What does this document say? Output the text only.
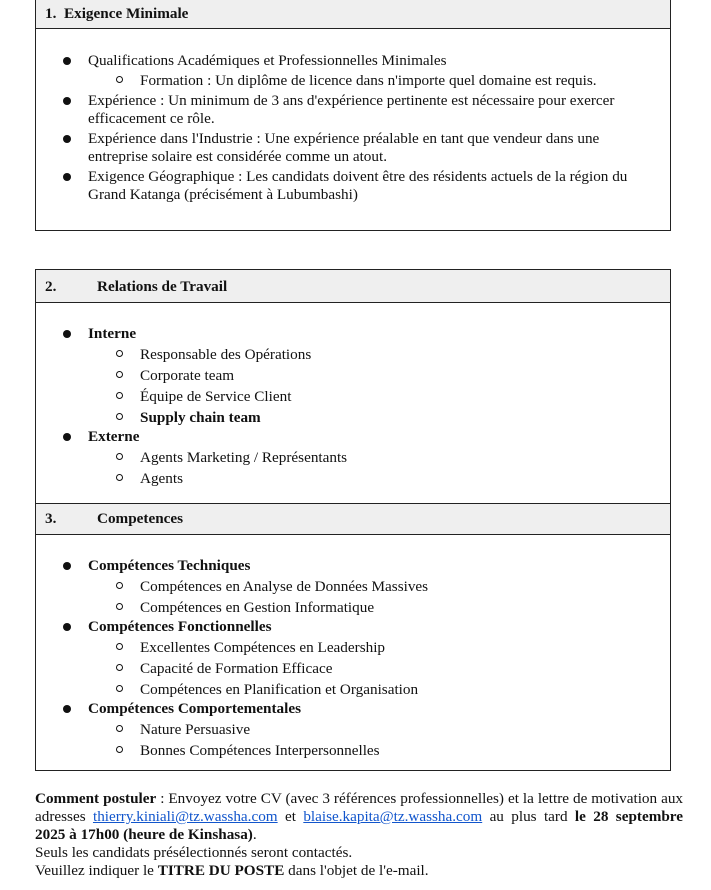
1. Exigence Minimale
Qualifications Académiques et Professionnelles Minimales
Formation : Un diplôme de licence dans n'importe quel domaine est requis.
Expérience : Un minimum de 3 ans d'expérience pertinente est nécessaire pour exercer efficacement ce rôle.
Expérience dans l'Industrie : Une expérience préalable en tant que vendeur dans une entreprise solaire est considérée comme un atout.
Exigence Géographique : Les candidats doivent être des résidents actuels de la région du Grand Katanga (précisément à Lubumbashi)
2.	Relations de Travail
Interne
Responsable des Opérations
Corporate team
Équipe de Service Client
Supply chain team
Externe
Agents Marketing / Représentants
Agents
3.	Competences
Compétences Techniques
Compétences en Analyse de Données Massives
Compétences en Gestion Informatique
Compétences Fonctionnelles
Excellentes Compétences en Leadership
Capacité de Formation Efficace
Compétences en Planification et Organisation
Compétences Comportementales
Nature Persuasive
Bonnes Compétences Interpersonnelles

Comment postuler : Envoyez votre CV (avec 3 références professionnelles) et la lettre de motivation aux adresses thierry.kiniali@tz.wassha.com et blaise.kapita@tz.wassha.com au plus tard le 28 septembre 2025 à 17h00 (heure de Kinshasa).

Seuls les candidats présélectionnés seront contactés.

Veuillez indiquer le TITRE DU POSTE dans l'objet de l'e-mail.
